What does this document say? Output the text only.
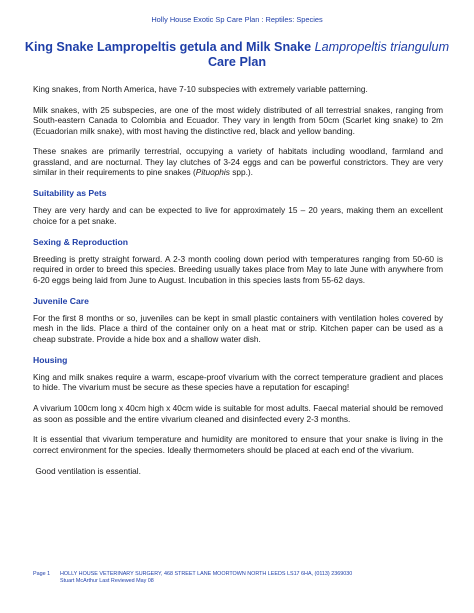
Holly House Exotic Sp Care Plan : Reptiles: Species
King Snake Lampropeltis getula and Milk Snake Lampropeltis triangulum
Care Plan

King snakes, from North America, have 7-10 subspecies with extremely variable patterning.

Milk snakes, with 25 subspecies, are one of the most widely distributed of all terrestrial snakes, ranging from South-eastern Canada to Colombia and Ecuador. They vary in length from 50cm (Scarlet king snake) to 2m (Ecuadorian milk snake), with most having the distinctive red, black and yellow banding.

These snakes are primarily terrestrial, occupying a variety of habitats including woodland, farmland and grassland, and are nocturnal. They lay clutches of 3-24 eggs and can be powerful constrictors. They are very similar in their requirements to pine snakes (Pituophis spp.).

Suitability as Pets

They are very hardy and can be expected to live for approximately 15 – 20 years, making them an excellent choice for a pet snake.

Sexing & Reproduction

Breeding is pretty straight forward. A 2-3 month cooling down period with temperatures ranging from 50-60 is required in order to breed this species. Breeding usually takes place from May to late June with anywhere from 6-20 eggs being laid from June to August. Incubation in this species lasts from 55-62 days.

Juvenile Care

For the first 8 months or so, juveniles can be kept in small plastic containers with ventilation holes covered by mesh in the lids. Place a third of the container only on a heat mat or strip. Kitchen paper can be used as a cheap substrate. Provide a hide box and a shallow water dish.

Housing

King and milk snakes require a warm, escape-proof vivarium with the correct temperature gradient and places to hide. The vivarium must be secure as these species have a reputation for escaping!

A vivarium 100cm long x 40cm high x 40cm wide is suitable for most adults. Faecal material should be removed as soon as possible and the entire vivarium cleaned and disinfected every 2-3 months.

It is essential that vivarium temperature and humidity are monitored to ensure that your snake is living in the correct environment for the species. Ideally thermometers should be placed at each end of the vivarium.

Good ventilation is essential.

Page 1 HOLLY HOUSE VETERINARY SURGERY, 468 STREET LANE MOORTOWN NORTH LEEDS LS17 6HA, (0113) 2369030
Stuart McArthur Last Reviewed May 08
